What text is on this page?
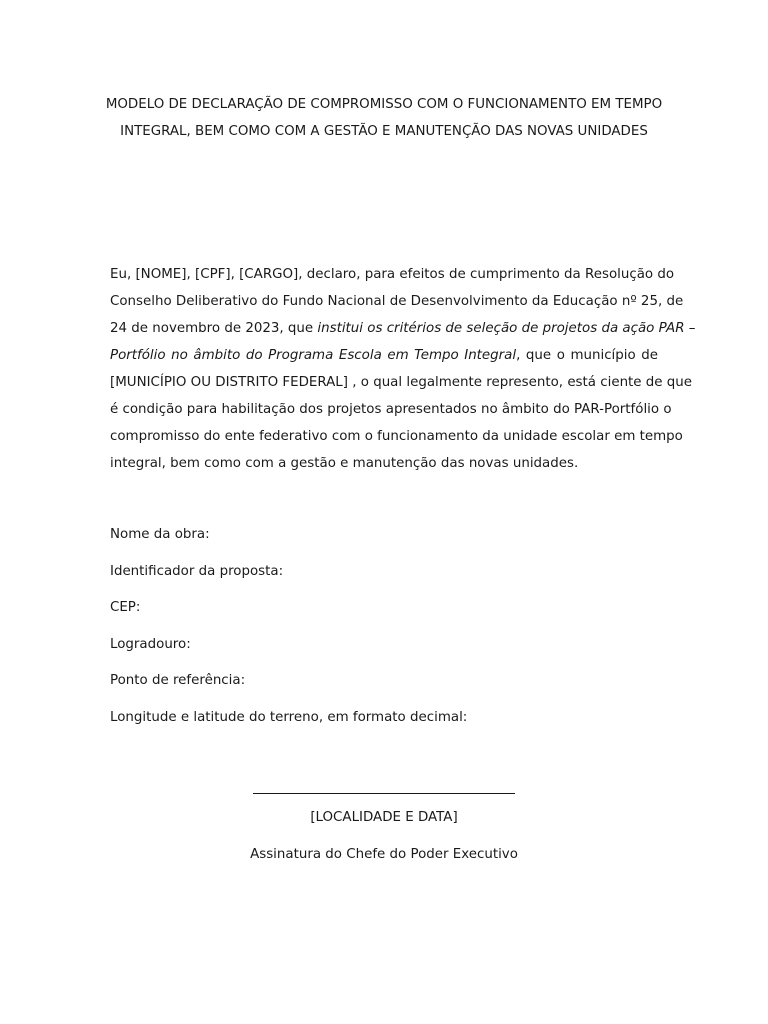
MODELO DE DECLARAÇÃO DE COMPROMISSO COM O FUNCIONAMENTO EM TEMPO
INTEGRAL, BEM COMO COM A GESTÃO E MANUTENÇÃO DAS NOVAS UNIDADES
Eu, [NOME], [CPF], [CARGO], declaro, para efeitos de cumprimento da Resolução do
Conselho Deliberativo do Fundo Nacional de Desenvolvimento da Educação nº 25, de
24 de novembro de 2023, que institui os critérios de seleção de projetos da ação PAR –
Portfólio no âmbito do Programa Escola em Tempo Integral, que o município de
[MUNICÍPIO OU DISTRITO FEDERAL] , o qual legalmente represento, está ciente de que
é condição para habilitação dos projetos apresentados no âmbito do PAR-Portfólio o
compromisso do ente federativo com o funcionamento da unidade escolar em tempo
integral, bem como com a gestão e manutenção das novas unidades.
Nome da obra:
Identificador da proposta:
CEP:
Logradouro:
Ponto de referência:
Longitude e latitude do terreno, em formato decimal:
[LOCALIDADE E DATA]
Assinatura do Chefe do Poder Executivo
